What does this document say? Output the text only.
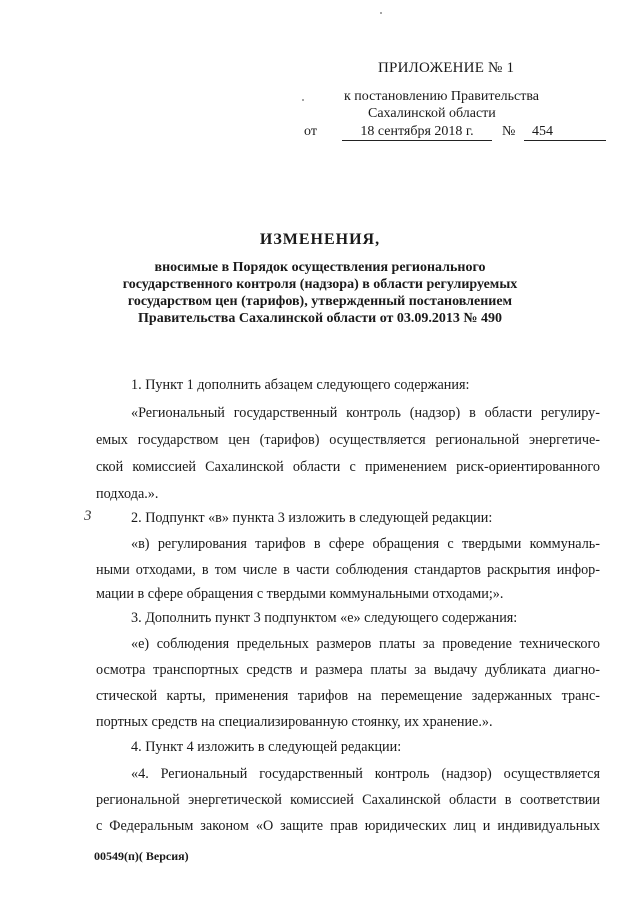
ПРИЛОЖЕНИЕ № 1
к постановлению Правительства
Сахалинской области
от	18 сентября 2018 г.	№	454
ИЗМЕНЕНИЯ,
вносимые в Порядок осуществления регионального
государственного контроля (надзора) в области регулируемых
государством цен (тарифов), утвержденный постановлением
Правительства Сахалинской области от 03.09.2013 № 490
1. Пункт 1 дополнить абзацем следующего содержания:
«Региональный государственный контроль (надзор) в области регулиру-
емых государством цен (тарифов) осуществляется региональной энергетиче-
ской комиссией Сахалинской области с применением риск-ориентированного
подхода.».
3	2. Подпункт «в» пункта 3 изложить в следующей редакции:
«в) регулирования тарифов в сфере обращения с твердыми коммуналь-
ными отходами, в том числе в части соблюдения стандартов раскрытия инфор-
мации в сфере обращения с твердыми коммунальными отходами;».
3. Дополнить пункт 3 подпунктом «е» следующего содержания:
«е) соблюдения предельных размеров платы за проведение технического
осмотра транспортных средств и размера платы за выдачу дубликата диагно-
стической карты, применения тарифов на перемещение задержанных транс-
портных средств на специализированную стоянку, их хранение.».
4. Пункт 4 изложить в следующей редакции:
«4. Региональный государственный контроль (надзор) осуществляется
региональной энергетической комиссией Сахалинской области в соответствии
с Федеральным законом «О защите прав юридических лиц и индивидуальных
00549(п)( Версия)
